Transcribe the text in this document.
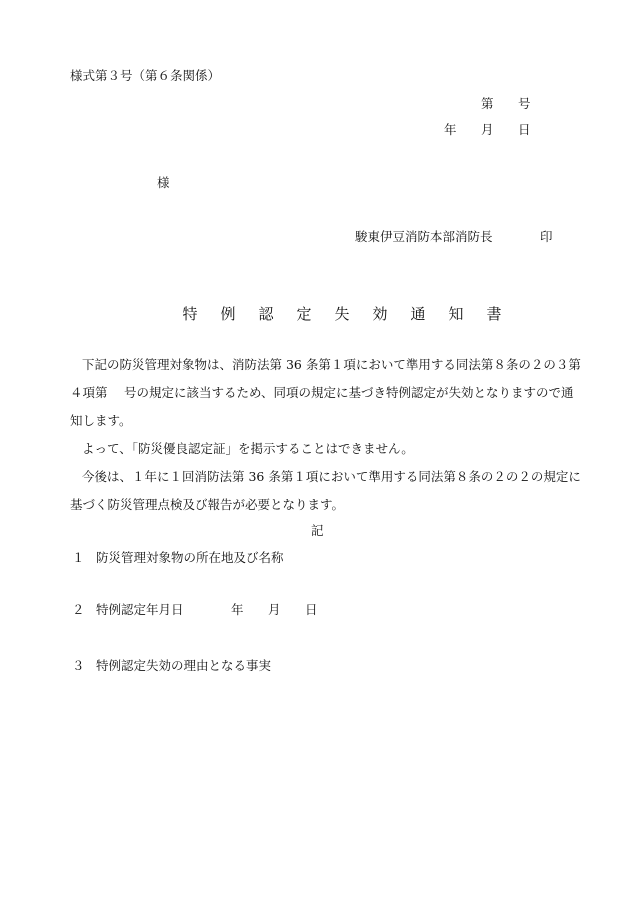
様式第３号（第６条関係）
第 号
年 月 日
様
駿東伊豆消防本部消防長	印
特	例	認	定	失	効	通	知	書
下記の防災管理対象物は、消防法第 36 条第１項において準用する同法第８条の２の３第
４項第　 号の規定に該当するため、同項の規定に基づき特例認定が失効となりますので通
知します。
よって、「防災優良認定証」を掲示することはできません。
今後は、１年に１回消防法第 36 条第１項において準用する同法第８条の２の２の規定に
基づく防災管理点検及び報告が必要となります。
記
１ 防災管理対象物の所在地及び名称
２ 特例認定年月日	年 月 日
３ 特例認定失効の理由となる事実
